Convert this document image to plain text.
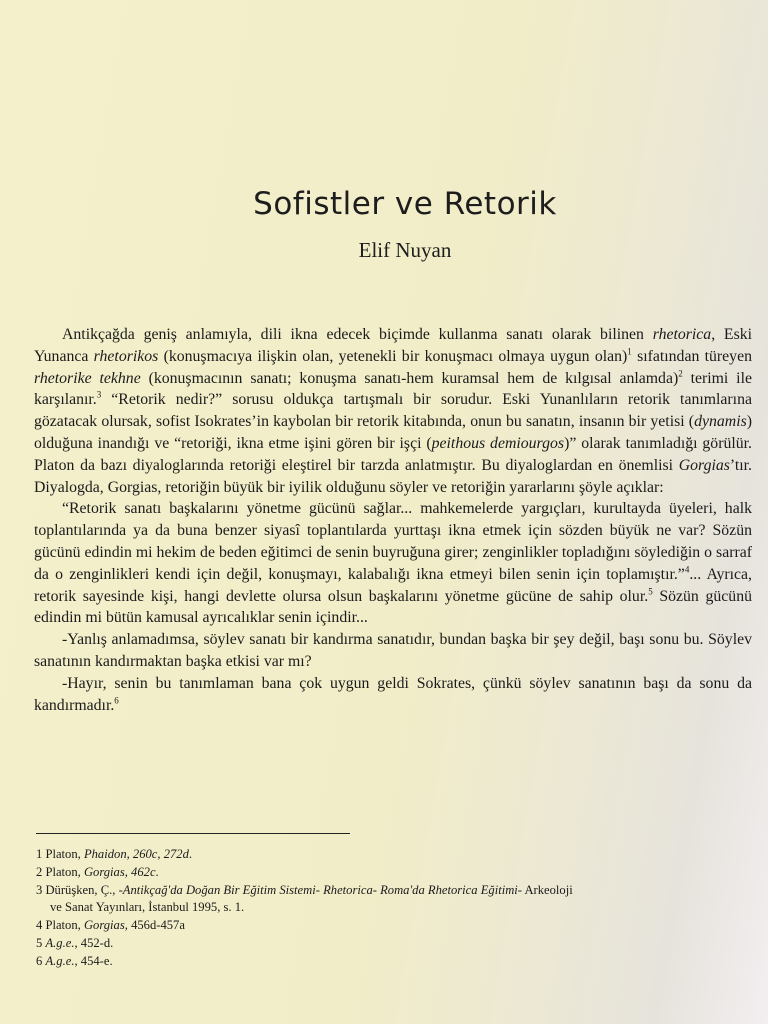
Sofistler ve Retorik
Elif Nuyan

Antikçağda geniş anlamıyla, dili ikna edecek biçimde kullanma sanatı olarak bilinen rhetorica, Eski Yunanca rhetorikos (konuşmacıya ilişkin olan, yetenekli bir konuşmacı olmaya uygun olan)$^1$ sıfatından türeyen rhetorike tekhne (konuşmacının sanatı; konuşma sanatı-hem kuramsal hem de kılgısal anlamda)$^2$ terimi ile karşılanır.$^3$ “Retorik nedir?” sorusu oldukça tartışmalı bir sorudur. Eski Yunanlıların retorik tanımlarına gözatacak olursak, sofist Isokrates’in kaybolan bir retorik kitabında, onun bu sanatın, insanın bir yetisi (dynamis) olduğuna inandığı ve “retoriği, ikna etme işini gören bir işçi (peithous demiourgos)” olarak tanımladığı görülür. Platon da bazı diyaloglarında retoriği eleştirel bir tarzda anlatmıştır. Bu diyaloglardan en önemlisi Gorgias’tır. Diyalogda, Gorgias, retoriğin büyük bir iyilik olduğunu söyler ve retoriğin yararlarını şöyle açıklar:

“Retorik sanatı başkalarını yönetme gücünü sağlar... mahkemelerde yargıçları, kurultayda üyeleri, halk toplantılarında ya da buna benzer siyasî toplantılarda yurttaşı ikna etmek için sözden büyük ne var? Sözün gücünü edindin mi hekim de beden eğitimci de senin buyruğuna girer; zenginlikler topladığını söylediğin o sarraf da o zenginlikleri kendi için değil, konuşmayı, kalabalığı ikna etmeyi bilen senin için toplamıştır.”$^4$... Ayrıca, retorik sayesinde kişi, hangi devlette olursa olsun başkalarını yönetme gücüne de sahip olur.$^5$ Sözün gücünü edindin mi bütün kamusal ayrıcalıklar senin içindir...

-Yanlış anlamadımsa, söylev sanatı bir kandırma sanatıdır, bundan başka bir şey değil, başı sonu bu. Söylev sanatının kandırmaktan başka etkisi var mı?

-Hayır, senin bu tanımlaman bana çok uygun geldi Sokrates, çünkü söylev sanatının başı da sonu da kandırmadır.$^6$

1 Platon, Phaidon, 260c, 272d.
2 Platon, Gorgias, 462c.
3 Dürüşken, Ç., -Antikçağ'da Doğan Bir Eğitim Sistemi- Rhetorica- Roma'da Rhetorica Eğitimi- Arkeoloji
ve Sanat Yayınları, İstanbul 1995, s. 1.
4 Platon, Gorgias, 456d-457a
5 A.g.e., 452-d.
6 A.g.e., 454-e.
